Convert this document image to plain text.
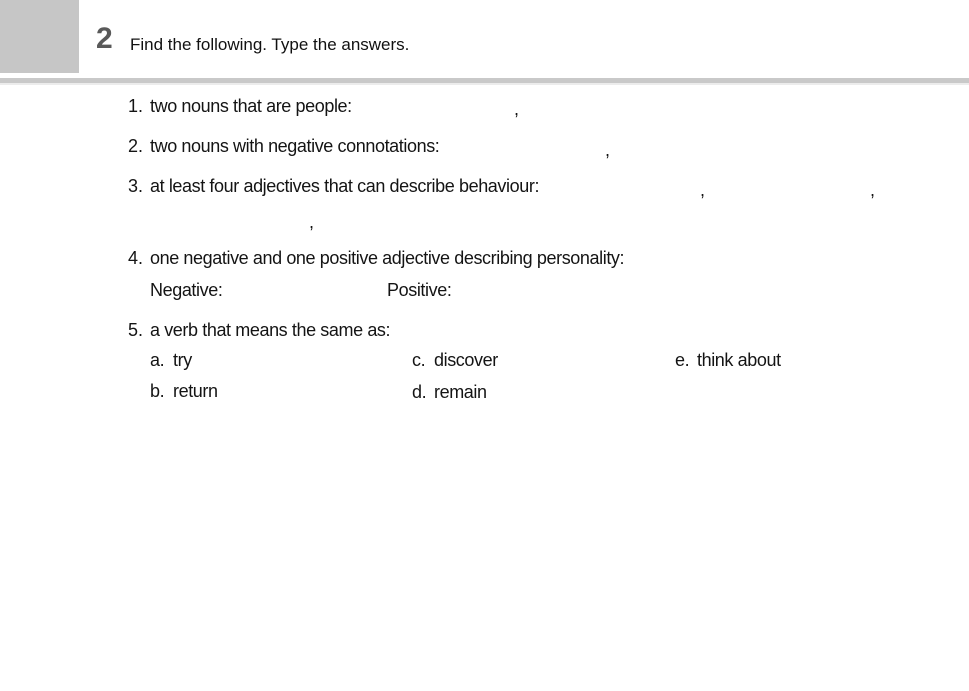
2 Find the following. Type the answers.
1. two nouns that are people:	,
2. two nouns with negative connotations:	,
3. at least four adjectives that can describe behaviour:	,	,
,
4. one negative and one positive adjective describing personality:
Negative:	Positive:
5. a verb that means the same as:
a. try
b. return
c. discover
d. remain
e. think about
